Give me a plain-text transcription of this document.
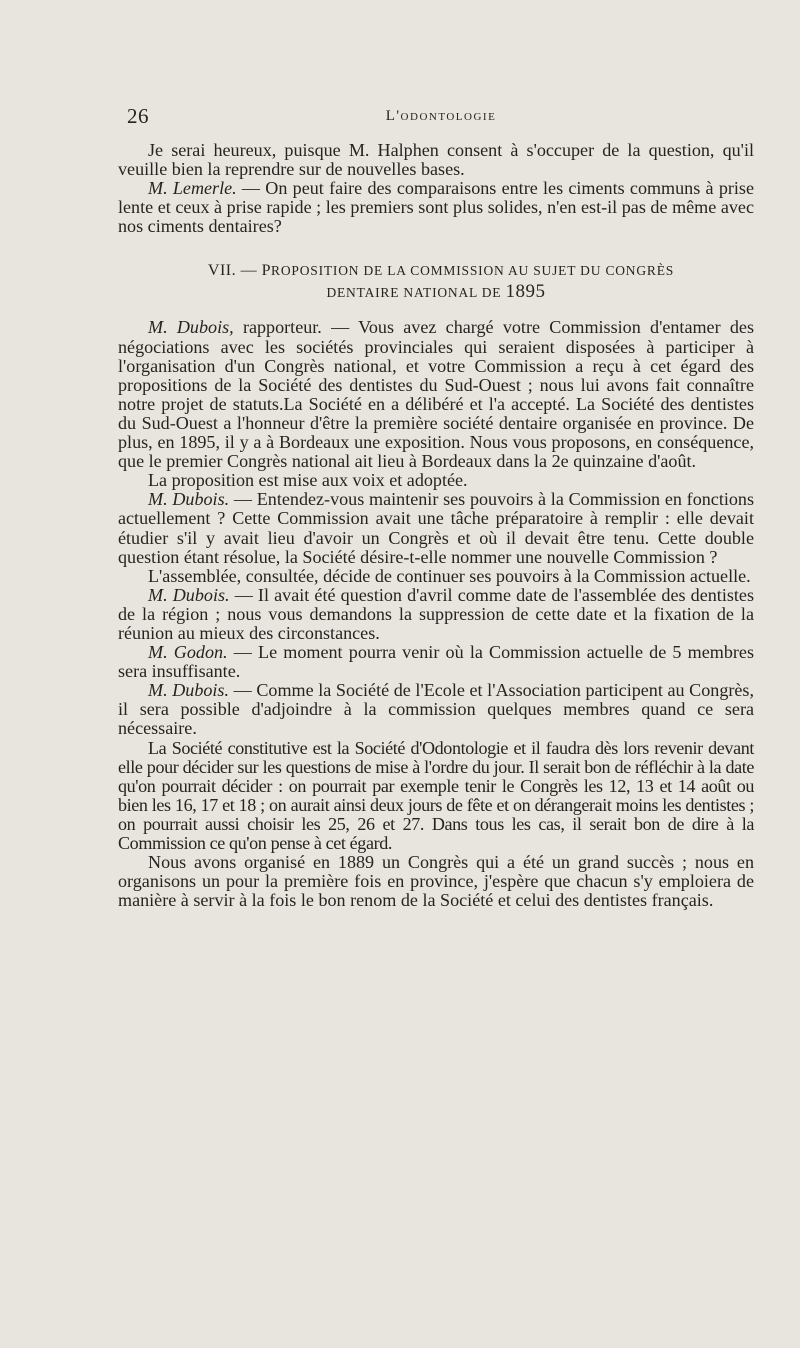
26	L'odontologie

Je serai heureux, puisque M. Halphen consent à s'occuper de la question, qu'il veuille bien la reprendre sur de nouvelles bases.

M. Lemerle. — On peut faire des comparaisons entre les ciments communs à prise lente et ceux à prise rapide ; les premiers sont plus solides, n'en est-il pas de même avec nos ciments dentaires?

VII. — PROPOSITION DE LA COMMISSION AU SUJET DU CONGRÈS
DENTAIRE NATIONAL DE 1895

M. Dubois, rapporteur. — Vous avez chargé votre Commission d'entamer des négociations avec les sociétés provinciales qui seraient disposées à participer à l'organisation d'un Congrès national, et votre Commission a reçu à cet égard des propositions de la Société des dentistes du Sud-Ouest ; nous lui avons fait connaître notre projet de statuts.La Société en a délibéré et l'a accepté. La Société des dentistes du Sud-Ouest a l'honneur d'être la première société dentaire organisée en province. De plus, en 1895, il y a à Bordeaux une exposition. Nous vous proposons, en conséquence, que le premier Congrès national ait lieu à Bordeaux dans la 2e quinzaine d'août.

La proposition est mise aux voix et adoptée.

M. Dubois. — Entendez-vous maintenir ses pouvoirs à la Commission en fonctions actuellement ? Cette Commission avait une tâche préparatoire à remplir : elle devait étudier s'il y avait lieu d'avoir un Congrès et où il devait être tenu. Cette double question étant résolue, la Société désire-t-elle nommer une nouvelle Commission ?

L'assemblée, consultée, décide de continuer ses pouvoirs à la Commission actuelle.

M. Dubois. — Il avait été question d'avril comme date de l'assemblée des dentistes de la région ; nous vous demandons la suppression de cette date et la fixation de la réunion au mieux des circonstances.

M. Godon. — Le moment pourra venir où la Commission actuelle de 5 membres sera insuffisante.

M. Dubois. — Comme la Société de l'Ecole et l'Association participent au Congrès, il sera possible d'adjoindre à la commission quelques membres quand ce sera nécessaire.

La Société constitutive est la Société d'Odontologie et il faudra dès lors revenir devant elle pour décider sur les questions de mise à l'ordre du jour. Il serait bon de réfléchir à la date qu'on pourrait décider : on pourrait par exemple tenir le Congrès les 12, 13 et 14 août ou bien les 16, 17 et 18 ; on aurait ainsi deux jours de fête et on dérangerait moins les dentistes ; on pourrait aussi choisir les 25, 26 et 27. Dans tous les cas, il serait bon de dire à la Commission ce qu'on pense à cet égard.

Nous avons organisé en 1889 un Congrès qui a été un grand succès ; nous en organisons un pour la première fois en province, j'espère que chacun s'y emploiera de manière à servir à la fois le bon renom de la Société et celui des dentistes français.
